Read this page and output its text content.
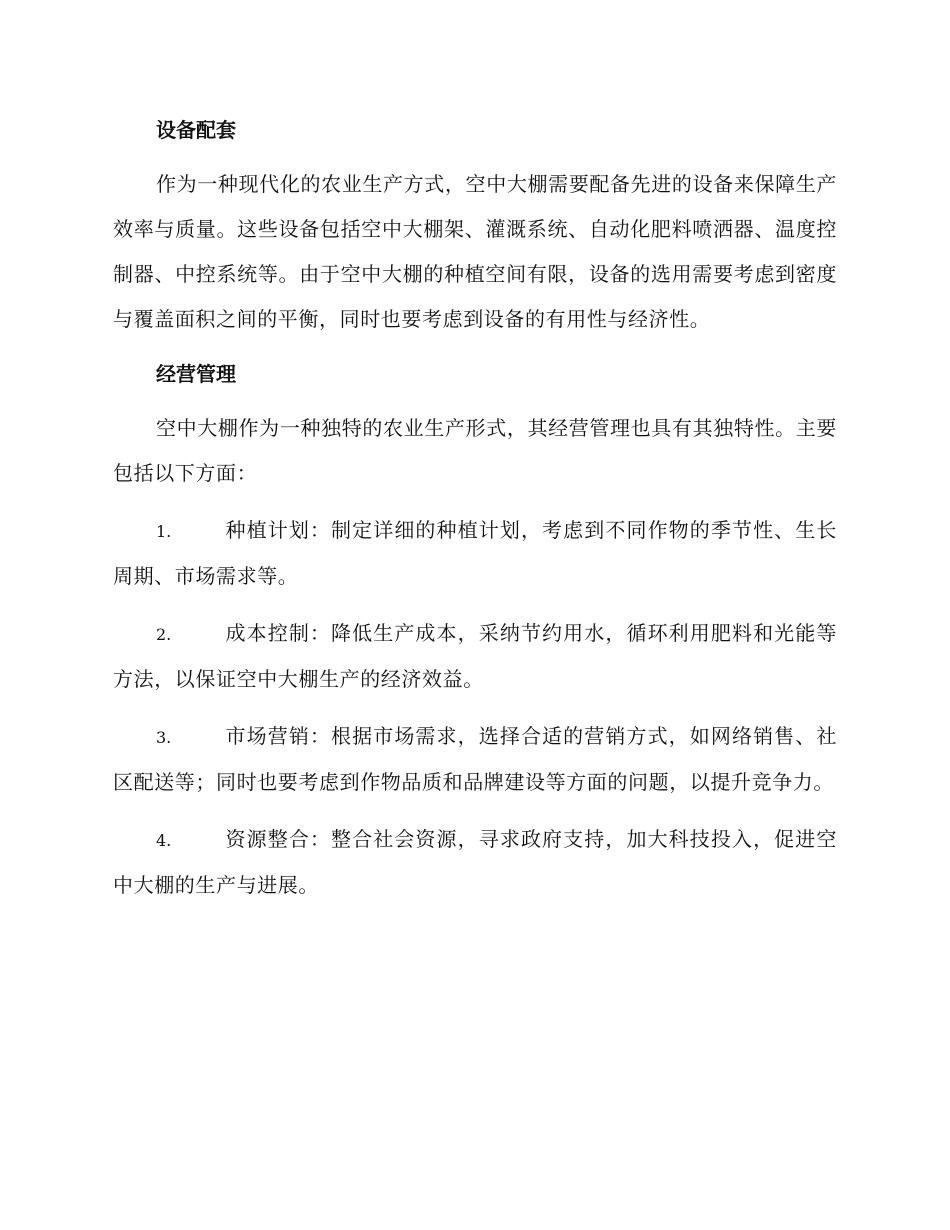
设备配套

作为一种现代化的农业生产方式，空中大棚需要配备先进的设备来保障生产效率与质量。这些设备包括空中大棚架、灌溉系统、自动化肥料喷洒器、温度控制器、中控系统等。由于空中大棚的种植空间有限，设备的选用需要考虑到密度与覆盖面积之间的平衡，同时也要考虑到设备的有用性与经济性。

经营管理

空中大棚作为一种独特的农业生产形式，其经营管理也具有其独特性。主要包括以下方面：

1.	种植计划：制定详细的种植计划，考虑到不同作物的季节性、生长周期、市场需求等。

2.	成本控制：降低生产成本，采纳节约用水，循环利用肥料和光能等方法，以保证空中大棚生产的经济效益。

3.	市场营销：根据市场需求，选择合适的营销方式，如网络销售、社区配送等；同时也要考虑到作物品质和品牌建设等方面的问题，以提升竞争力。

4.	资源整合：整合社会资源，寻求政府支持，加大科技投入，促进空中大棚的生产与进展。
